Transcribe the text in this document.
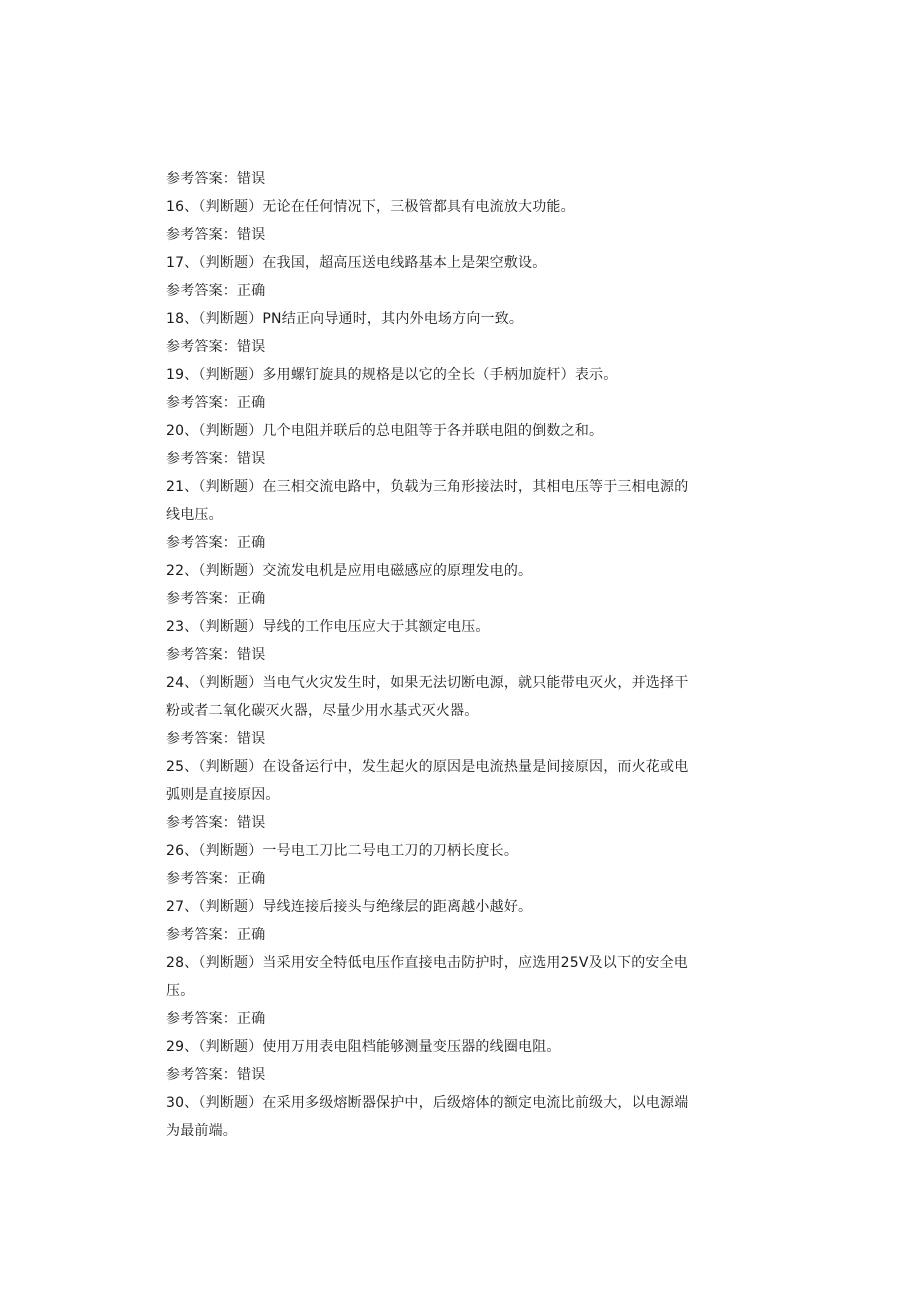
参考答案：错误
16、（判断题）无论在任何情况下，三极管都具有电流放大功能。
参考答案：错误
17、（判断题）在我国，超高压送电线路基本上是架空敷设。
参考答案：正确
18、（判断题）PN结正向导通时，其内外电场方向一致。
参考答案：错误
19、（判断题）多用螺钉旋具的规格是以它的全长（手柄加旋杆）表示。
参考答案：正确
20、（判断题）几个电阻并联后的总电阻等于各并联电阻的倒数之和。
参考答案：错误
21、（判断题）在三相交流电路中，负载为三角形接法时，其相电压等于三相电源的
线电压。
参考答案：正确
22、（判断题）交流发电机是应用电磁感应的原理发电的。
参考答案：正确
23、（判断题）导线的工作电压应大于其额定电压。
参考答案：错误
24、（判断题）当电气火灾发生时，如果无法切断电源，就只能带电灭火，并选择干
粉或者二氧化碳灭火器，尽量少用水基式灭火器。
参考答案：错误
25、（判断题）在设备运行中，发生起火的原因是电流热量是间接原因，而火花或电
弧则是直接原因。
参考答案：错误
26、（判断题）一号电工刀比二号电工刀的刀柄长度长。
参考答案：正确
27、（判断题）导线连接后接头与绝缘层的距离越小越好。
参考答案：正确
28、（判断题）当采用安全特低电压作直接电击防护时，应选用25V及以下的安全电
压。
参考答案：正确
29、（判断题）使用万用表电阻档能够测量变压器的线圈电阻。
参考答案：错误
30、（判断题）在采用多级熔断器保护中，后级熔体的额定电流比前级大，以电源端
为最前端。
